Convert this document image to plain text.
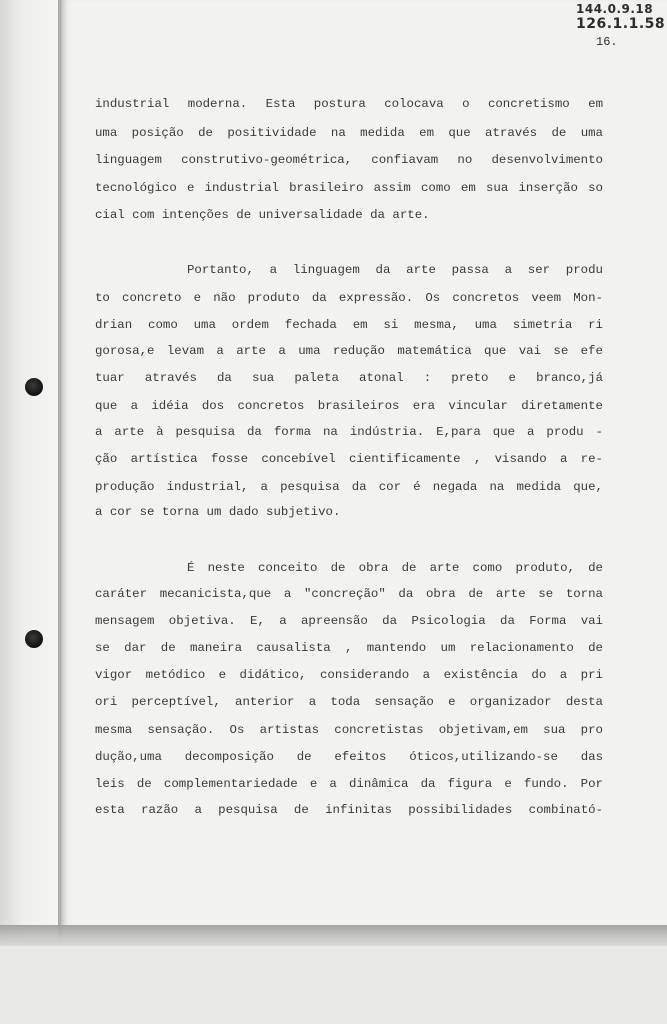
144.0.9.18
126.1.1.58
16.
industrial moderna. Esta postura colocava o concretismo em
uma posição de positividade na medida em que através de uma
linguagem construtivo-geométrica, confiavam no desenvolvimento
tecnológico e industrial brasileiro assim como em sua inserção so
cial com intenções de universalidade da arte.
Portanto, a linguagem da arte passa a ser produ
to concreto e não produto da expressão. Os concretos veem Mon-
drian como uma ordem fechada em si mesma, uma simetria ri
gorosa,e levam a arte a uma redução matemática que vai se efe
tuar através da sua paleta atonal : preto e branco,já
que a idéia dos concretos brasileiros era vincular diretamente
a arte à pesquisa da forma na indústria. E,para que a produ -
ção artística fosse concebível cientificamente , visando a re-
produção industrial, a pesquisa da cor é negada na medida que,
a cor se torna um dado subjetivo.
É neste conceito de obra de arte como produto, de
caráter mecanicista,que a "concreção" da obra de arte se torna
mensagem objetiva. E, a apreensão da Psicologia da Forma vai
se dar de maneira causalista , mantendo um relacionamento de
vigor metódico e didático, considerando a existência do a pri
ori perceptível, anterior a toda sensação e organizador desta
mesma sensação. Os artistas concretistas objetivam,em sua pro
dução,uma decomposição de efeitos óticos,utilizando-se das
leis de complementariedade e a dinâmica da figura e fundo. Por
esta razão a pesquisa de infinitas possibilidades combinató-
